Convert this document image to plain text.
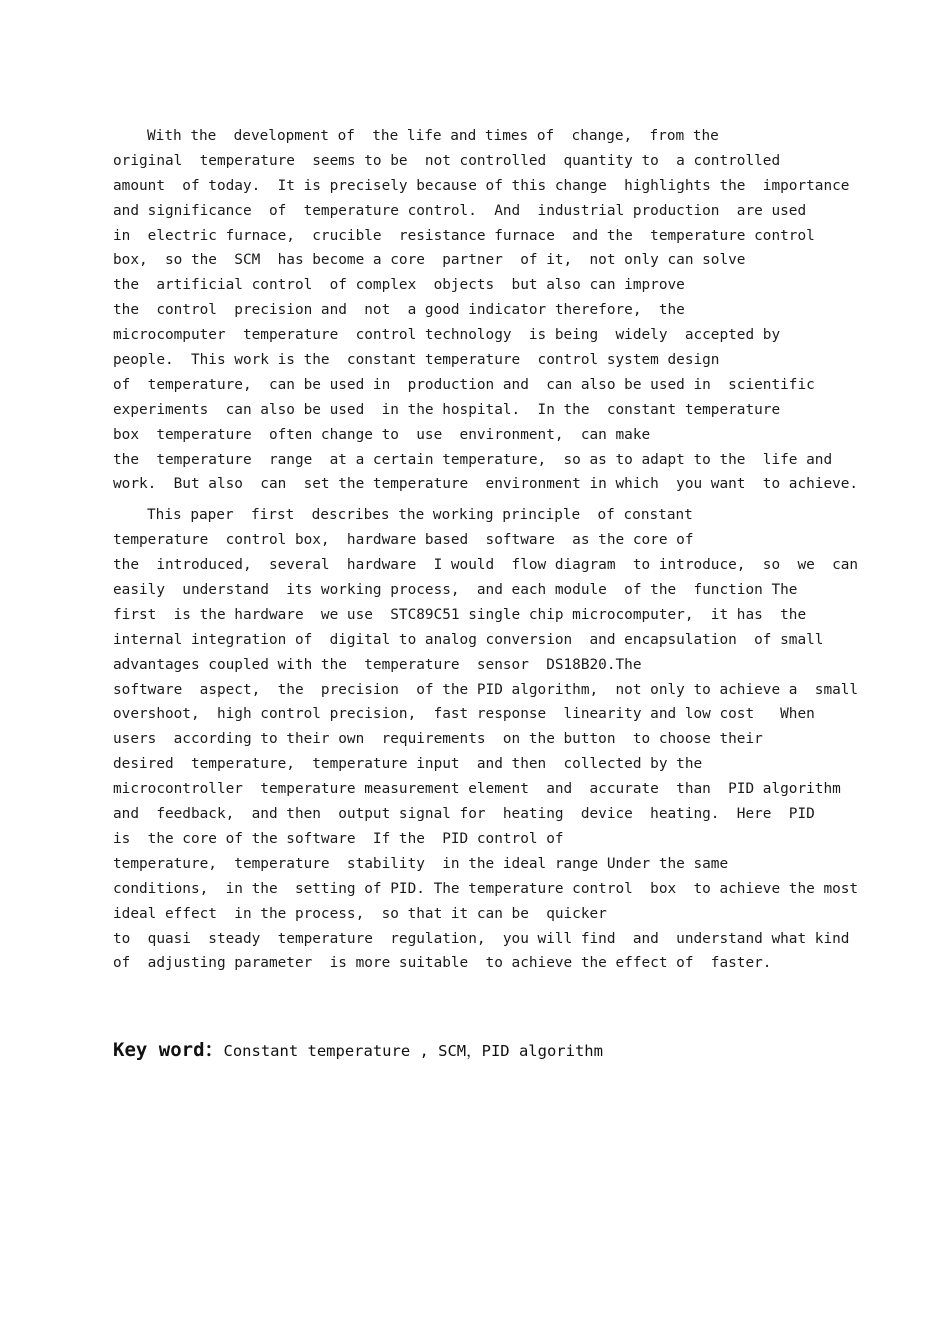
With the  development of  the life and times of  change,  from the
original  temperature  seems to be  not controlled  quantity to  a controlled
amount  of today.  It is precisely because of this change  highlights the  importance
and significance  of  temperature control.  And  industrial production  are used
in  electric furnace,  crucible  resistance furnace  and the  temperature control
box,  so the  SCM  has become a core  partner  of it,  not only can solve
the  artificial control  of complex  objects  but also can improve
the  control  precision and  not  a good indicator therefore,  the
microcomputer  temperature  control technology  is being  widely  accepted by
people.  This work is the  constant temperature  control system design
of  temperature,  can be used in  production and  can also be used in  scientific
experiments  can also be used  in the hospital.  In the  constant temperature
box  temperature  often change to  use  environment,  can make
the  temperature  range  at a certain temperature,  so as to adapt to the  life and
work.  But also  can  set the temperature  environment in which  you want  to achieve.
This paper  first  describes the working principle  of constant
temperature  control box,  hardware based  software  as the core of
the  introduced,  several  hardware  I would  flow diagram  to introduce,  so  we  can
easily  understand  its working process,  and each module  of the  function The
first  is the hardware  we use  STC89C51 single chip microcomputer,  it has  the
internal integration of  digital to analog conversion  and encapsulation  of small
advantages coupled with the  temperature  sensor  DS18B20.The
software  aspect,  the  precision  of the PID algorithm,  not only to achieve a  small
overshoot,  high control precision,  fast response  linearity and low cost   When
users  according to their own  requirements  on the button  to choose their
desired  temperature,  temperature input  and then  collected by the
microcontroller  temperature measurement element  and  accurate  than  PID algorithm
and  feedback,  and then  output signal for  heating  device  heating.  Here  PID
is  the core of the software  If the  PID control of
temperature,  temperature  stability  in the ideal range Under the same
conditions,  in the  setting of PID. The temperature control  box  to achieve the most
ideal effect  in the process,  so that it can be  quicker
to  quasi  steady  temperature  regulation,  you will find  and  understand what kind
of  adjusting parameter  is more suitable  to achieve the effect of  faster.
Key word：Constant temperature , SCM，PID algorithm
